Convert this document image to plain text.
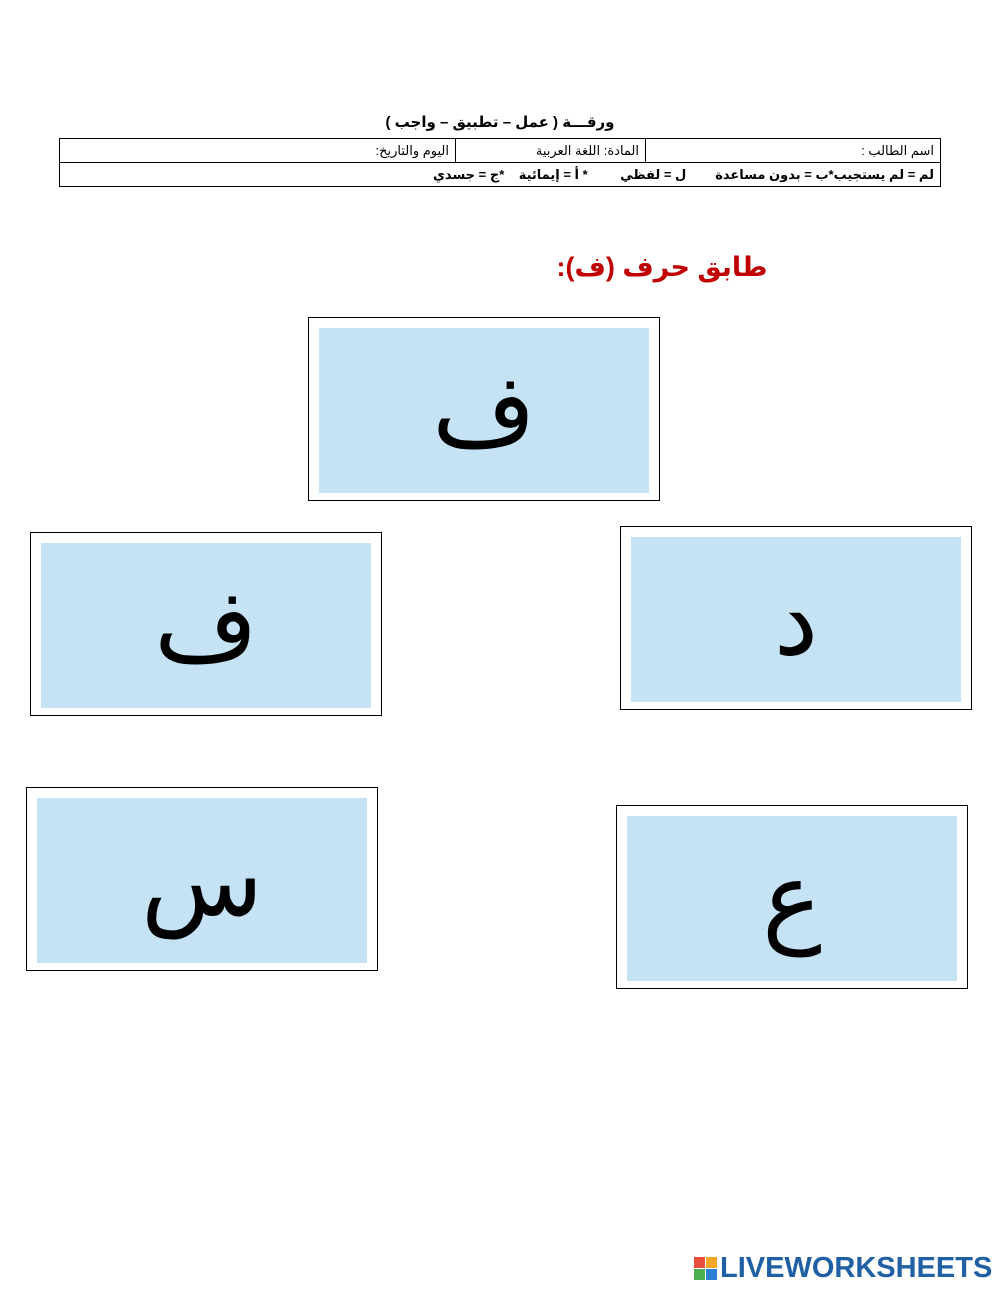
ورقـــة ( عمل – تطبيق – واجب )
اسم الطالب :	المادة: اللغة العربية	اليوم والتاريخ:
لم = لم يستجيب*ب = بدون مساعدة        ل = لفظي         * أ = إيمائية    *ج = جسدي
طابق حرف (ف):
ف
ف	د
س	ع
LIVEWORKSHEETS
